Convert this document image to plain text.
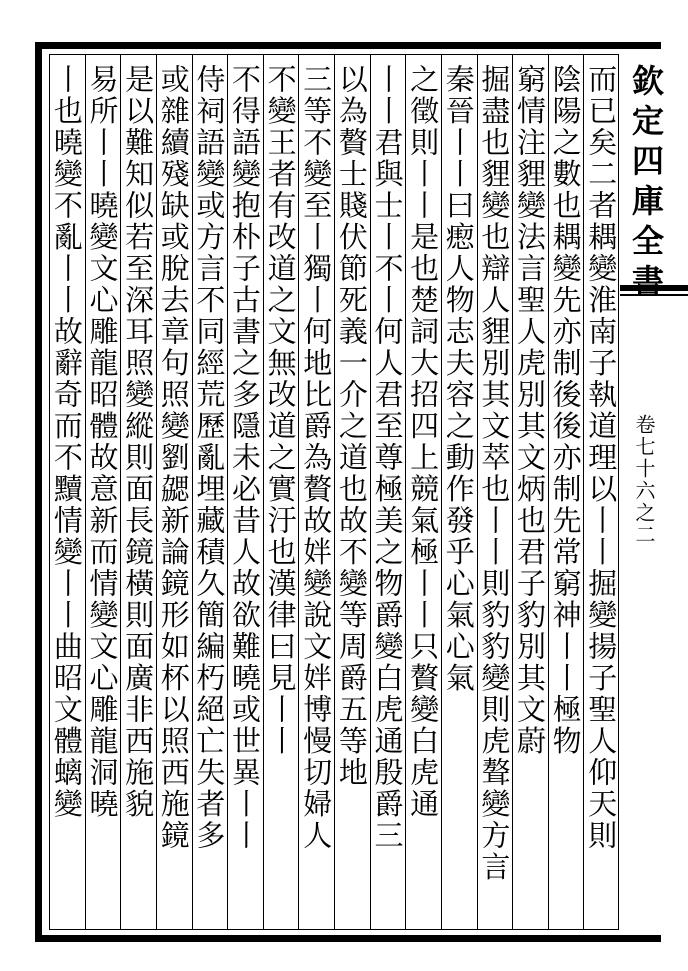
欽定四庫全書
卷七十六之二
而已矣二者耦變淮南子執道理以丨丨掘變揚子聖人仰天則
陰陽之數也耦變先亦制後後亦制先常窮神丨丨極物
窮情注貍變法言聖人虎別其文炳也君子豹別其文蔚
掘盡也貍變也辯人貍別其文萃也丨丨則豹豹變則虎聱變方言
秦晉丨丨曰瘛人物志夫容之動作發乎心氣心氣
之徵則丨丨是也楚詞大招四上競氣極丨丨只贅變白虎通
丨丨君與士丨不丨何人君至尊極美之物爵變白虎通殷爵三
以為贅士賤伏節死義一介之道也故不變等周爵五等地
三等不變至丨獨丨何地比爵為贅故姅變說文姅博慢切婦人
不變王者有改道之文無改道之實汙也漢律曰見丨丨
不得語變抱朴子古書之多隱未必昔人故欲難曉或世異丨丨
侍祠語變或方言不同經荒歷亂埋藏積久簡編朽絕亡失者多
或雜續殘缺或脫去章句照變劉勰新論鏡形如杯以照西施鏡
是以難知似若至深耳照變縱則面長鏡橫則面廣非西施貌
易所丨丨曉變文心雕龍昭體故意新而情變文心雕龍洞曉
丨也曉變不亂丨丨故辭奇而不黷情變丨丨曲昭文體螭變
